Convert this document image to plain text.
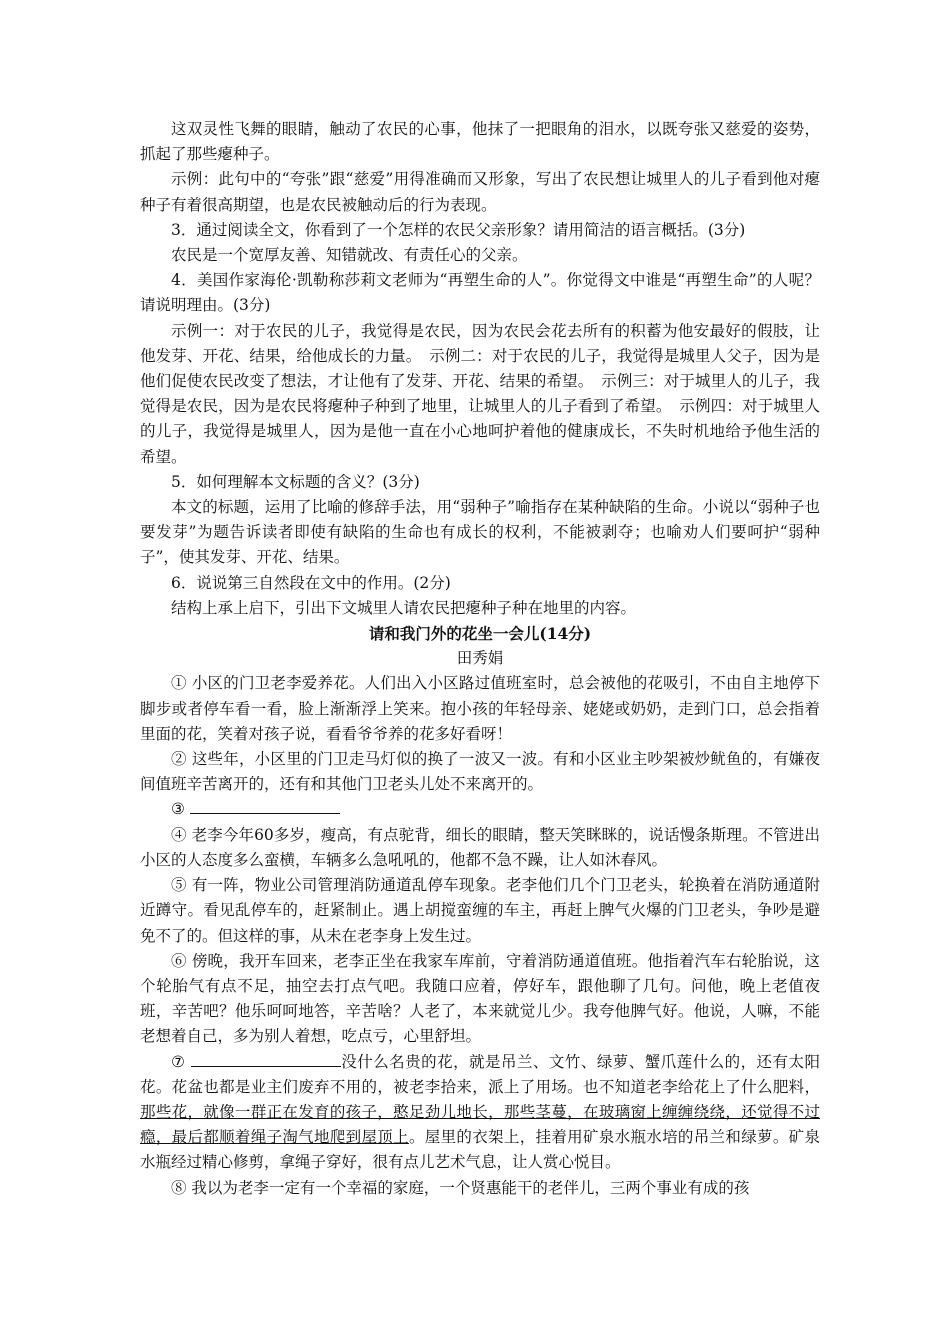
这双灵性飞舞的眼睛，触动了农民的心事，他抹了一把眼角的泪水，以既夸张又慈爱的姿势，抓起了那些瘪种子。

示例：此句中的“夸张”跟“慈爱”用得准确而又形象，写出了农民想让城里人的儿子看到他对瘪种子有着很高期望，也是农民被触动后的行为表现。

3．通过阅读全文，你看到了一个怎样的农民父亲形象？请用简洁的语言概括。(3分)

农民是一个宽厚友善、知错就改、有责任心的父亲。

4．美国作家海伦·凯勒称莎莉文老师为“再塑生命的人”。你觉得文中谁是“再塑生命”的人呢？请说明理由。(3分)

示例一：对于农民的儿子，我觉得是农民，因为农民会花去所有的积蓄为他安最好的假肢，让他发芽、开花、结果，给他成长的力量。　示例二：对于农民的儿子，我觉得是城里人父子，因为是他们促使农民改变了想法，才让他有了发芽、开花、结果的希望。　示例三：对于城里人的儿子，我觉得是农民，因为是农民将瘪种子种到了地里，让城里人的儿子看到了希望。　示例四：对于城里人的儿子，我觉得是城里人，因为是他一直在小心地呵护着他的健康成长，不失时机地给予他生活的希望。

5．如何理解本文标题的含义？(3分)

本文的标题，运用了比喻的修辞手法，用“弱种子”喻指存在某种缺陷的生命。小说以“弱种子也要发芽”为题告诉读者即使有缺陷的生命也有成长的权利，不能被剥夺；也喻劝人们要呵护“弱种子”，使其发芽、开花、结果。

6．说说第三自然段在文中的作用。(2分)

结构上承上启下，引出下文城里人请农民把瘪种子种在地里的内容。

请和我门外的花坐一会儿(14分)

田秀娟

① 小区的门卫老李爱养花。人们出入小区路过值班室时，总会被他的花吸引，不由自主地停下脚步或者停车看一看，脸上渐渐浮上笑来。抱小孩的年轻母亲、姥姥或奶奶，走到门口，总会指着里面的花，笑着对孩子说，看看爷爷养的花多好看呀！

② 这些年，小区里的门卫走马灯似的换了一波又一波。有和小区业主吵架被炒鱿鱼的，有嫌夜间值班辛苦离开的，还有和其他门卫老头儿处不来离开的。

③

④ 老李今年60多岁，瘦高，有点驼背，细长的眼睛，整天笑眯眯的，说话慢条斯理。不管进出小区的人态度多么蛮横，车辆多么急吼吼的，他都不急不躁，让人如沐春风。

⑤ 有一阵，物业公司管理消防通道乱停车现象。老李他们几个门卫老头，轮换着在消防通道附近蹲守。看见乱停车的，赶紧制止。遇上胡搅蛮缠的车主，再赶上脾气火爆的门卫老头，争吵是避免不了的。但这样的事，从未在老李身上发生过。

⑥ 傍晚，我开车回来，老李正坐在我家车库前，守着消防通道值班。他指着汽车右轮胎说，这个轮胎气有点不足，抽空去打点气吧。我随口应着，停好车，跟他聊了几句。问他，晚上老值夜班，辛苦吧？他乐呵呵地答，辛苦啥？人老了，本来就觉儿少。我夸他脾气好。他说，人嘛，不能老想着自己，多为别人着想，吃点亏，心里舒坦。

⑦	没什么名贵的花，就是吊兰、文竹、绿萝、蟹爪莲什么的，还有太阳花。花盆也都是业主们废弃不用的，被老李拾来，派上了用场。也不知道老李给花上了什么肥料，那些花，就像一群正在发育的孩子，憨足劲儿地长，那些茎蔓，在玻璃窗上缠缠绕绕，还觉得不过瘾，最后都顺着绳子淘气地爬到屋顶上。屋里的衣架上，挂着用矿泉水瓶水培的吊兰和绿萝。矿泉水瓶经过精心修剪，拿绳子穿好，很有点儿艺术气息，让人赏心悦目。

⑧ 我以为老李一定有一个幸福的家庭，一个贤惠能干的老伴儿，三两个事业有成的孩
